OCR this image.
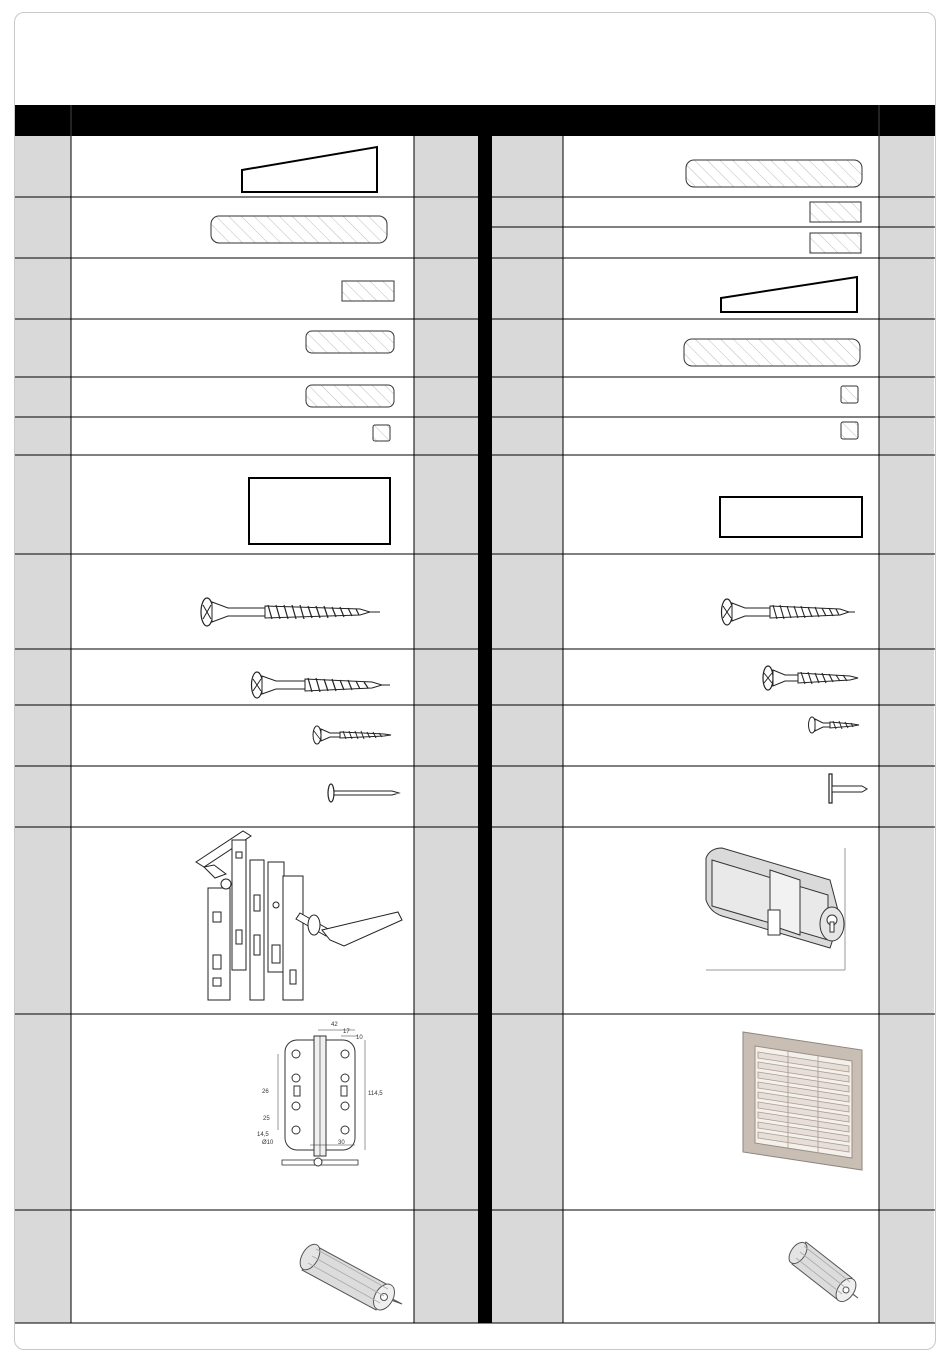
42
17
10
114,5
26
25
14,5
Ø10	30
